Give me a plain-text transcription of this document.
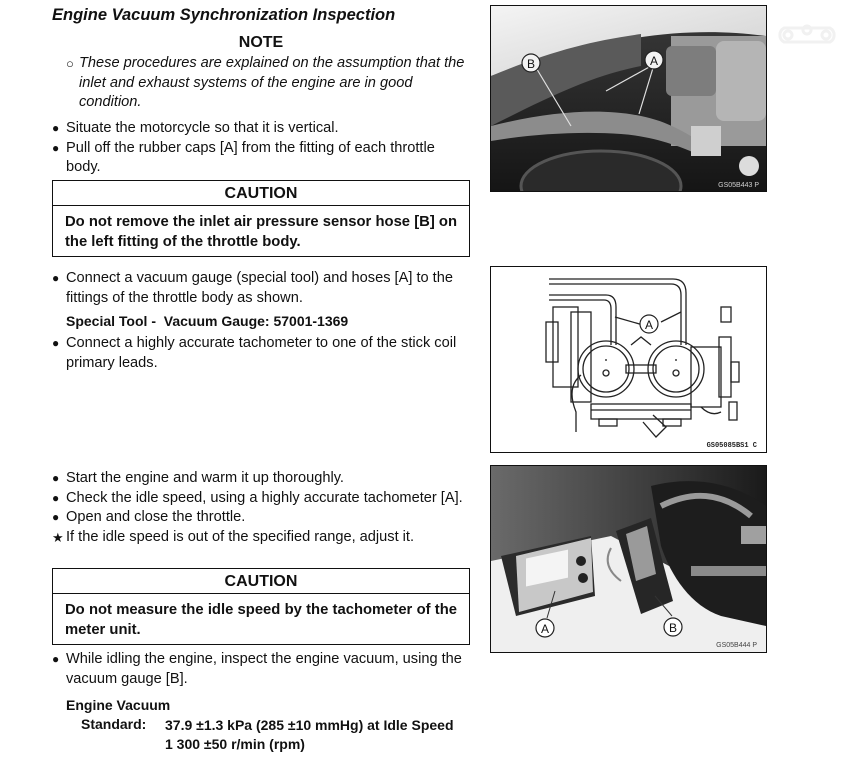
Engine Vacuum Synchronization Inspection
NOTE
○ These procedures are explained on the assumption that the inlet and exhaust systems of the engine are in good condition.
● Situate the motorcycle so that it is vertical.
● Pull off the rubber caps [A] from the fitting of each throttle body.
CAUTION
Do not remove the inlet air pressure sensor hose [B] on the left fitting of the throttle body.
● Connect a vacuum gauge (special tool) and hoses [A] to the fittings of the throttle body as shown.
Special Tool - Vacuum Gauge: 57001-1369
● Connect a highly accurate tachometer to one of the stick coil primary leads.
● Start the engine and warm it up thoroughly.
● Check the idle speed, using a highly accurate tachometer [A].
● Open and close the throttle.
★ If the idle speed is out of the specified range, adjust it.
CAUTION
Do not measure the idle speed by the tachometer of the meter unit.
● While idling the engine, inspect the engine vacuum, using the vacuum gauge [B].
Engine Vacuum
Standard: 37.9 ±1.3 kPa (285 ±10 mmHg) at Idle Speed
1 300 ±50 r/min (rpm)
B	A
GS05B443 P
A
GS05085BS1 C
A	B
GS05B444 P
